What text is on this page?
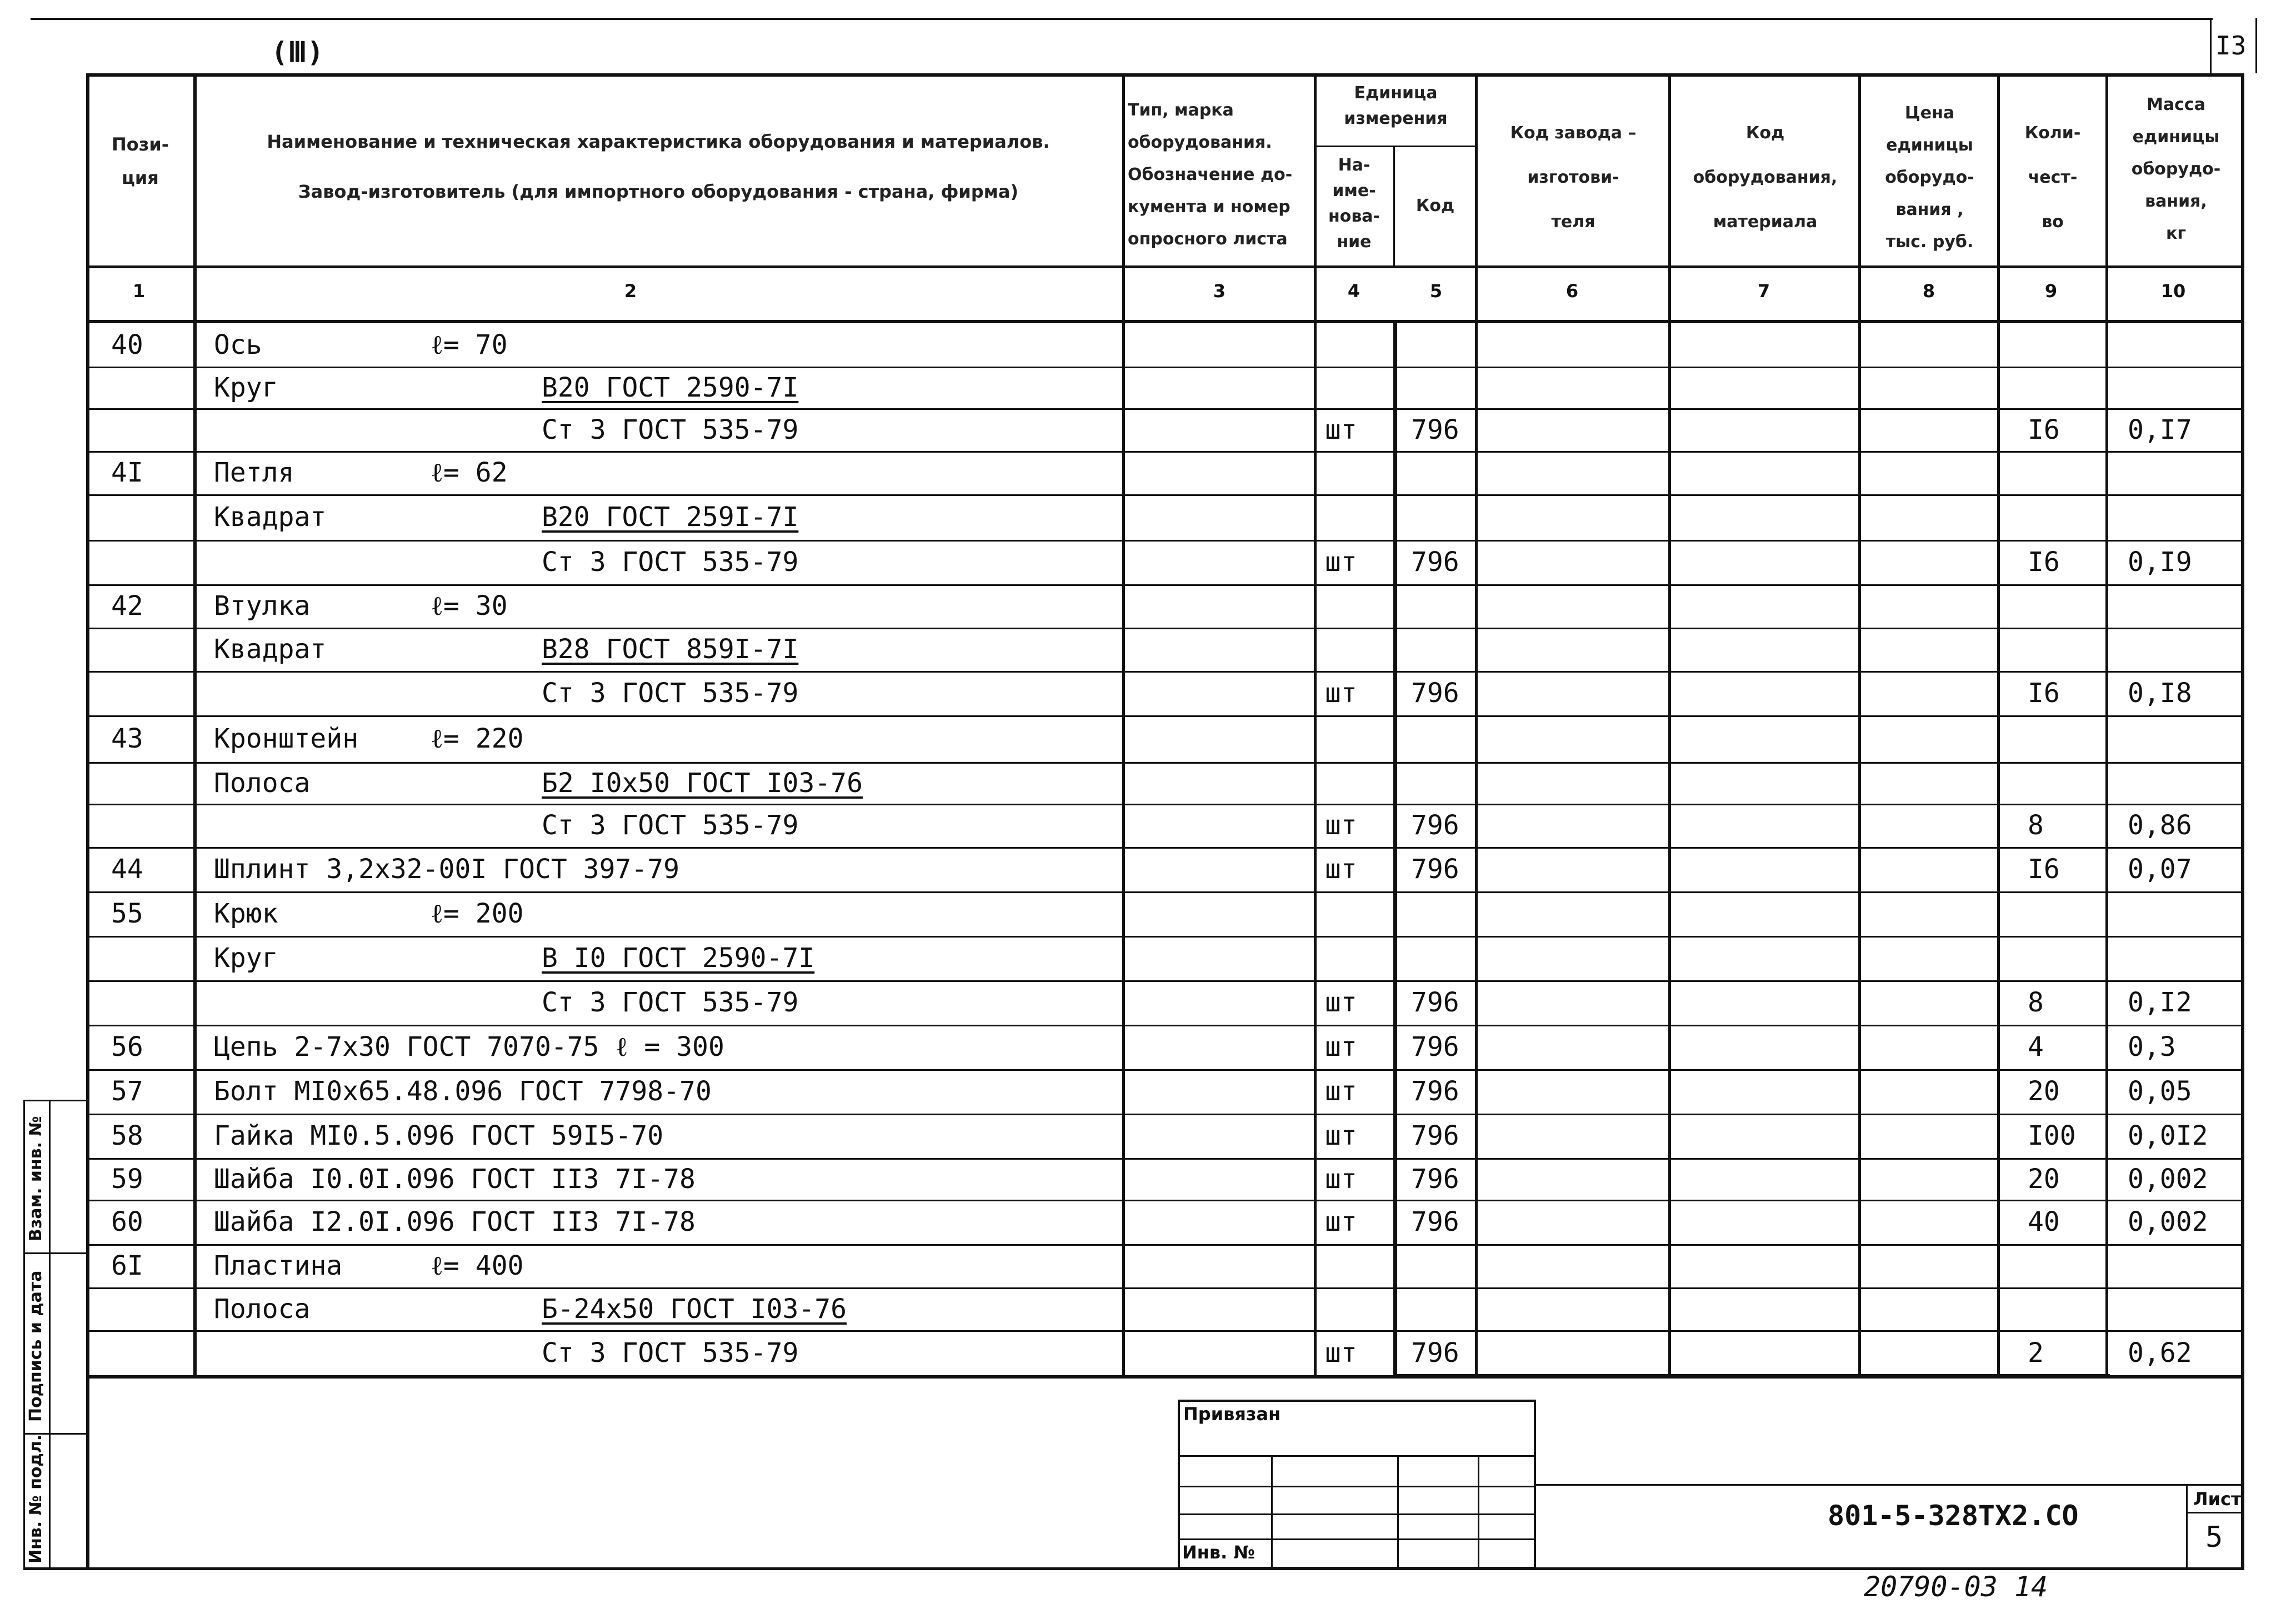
I3
(Ⅲ)
Пози-
ция
Наименование и техническая характеристика оборудования и материалов.
Завод-изготовитель (для импортного оборудования - страна, фирма)
Тип, марка
оборудования.
Обозначение до-
кумента и номер
опросного листа
Единица
измерения
На-
име-
нова-
ние
Код
Код завода –
изготови-
теля
Код
оборудования,
материала
Цена
единицы
оборудо-
вания ,
тыс. руб.
Коли-
чест-
во
Масса
единицы
оборудо-
вания,
кг
1	2	3	4	5	6	7	8	9	10
40	Ось	ℓ= 70
Круг	В20 ГОСТ 2590-7I
Ст 3 ГОСТ 535-79	шт 796	I6	0,I7
4I	Петля	ℓ= 62
Квадрат	В20 ГОСТ 259I-7I
Ст 3 ГОСТ 535-79	шт 796	I6	0,I9
42	Втулка	ℓ= 30
Квадрат	В28 ГОСТ 859I-7I
Ст 3 ГОСТ 535-79	шт 796	I6	0,I8
43	Кронштейн	ℓ= 220
Полоса	Б2 I0х50 ГОСТ I03-76
Ст 3 ГОСТ 535-79	шт 796	8	0,86
44	Шплинт 3,2х32-00I ГОСТ 397-79	шт 796	I6	0,07
55	Крюк	ℓ= 200
Круг	В I0 ГОСТ 2590-7I
Ст 3 ГОСТ 535-79	шт 796	8	0,I2
56	Цепь 2-7х30 ГОСТ 7070-75 ℓ = 300	шт 796	4	0,3
57	Болт МI0х65.48.096 ГОСТ 7798-70	шт 796	20	0,05
58	Гайка МI0.5.096 ГОСТ 59I5-70	шт 796	I00 0,0I2
59	Шайба I0.0I.096 ГОСТ II3 7I-78	шт 796	20	0,002
60	Шайба I2.0I.096 ГОСТ II3 7I-78	шт 796	40	0,002
6I	Пластина	ℓ= 400
Полоса	Б-24х50 ГОСТ I03-76
Ст 3 ГОСТ 535-79	шт 796	2	0,62
Взам. инв. №
Подпись и дата
Инв. № подл.
Привязан
Инв. №
801-5-328ТХ2.СО
Лист
5
20790-03 14
